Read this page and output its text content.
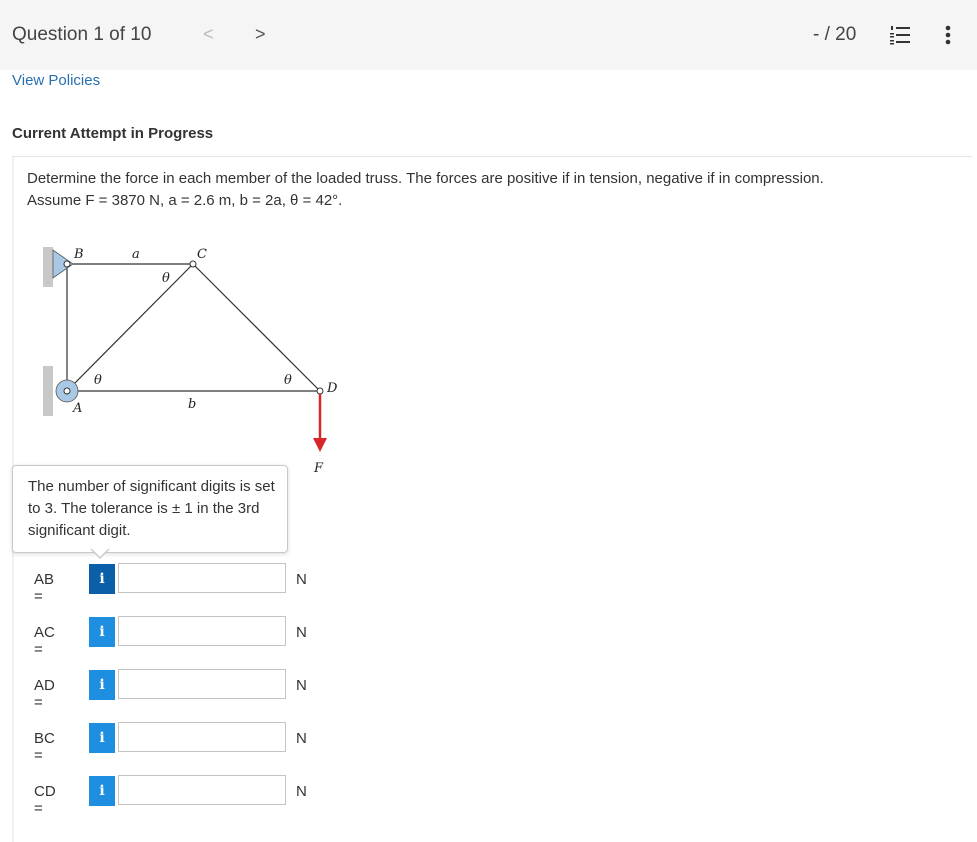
Question 1 of 10	< >	- / 20
View Policies
Current Attempt in Progress
Determine the force in each member of the loaded truss. The forces are positive if in tension, negative if in compression.
Assume F = 3870 N, a = 2.6 m, b = 2a, θ = 42°.
B	a	C
θ
θ	θ
D
A	b
F
The number of significant digits is set to 3. The tolerance is ± 1 in the 3rd significant digit.
AB =
i	N
AC =
i	N
AD =
i	N
BC =
i	N
CD =
i	N
